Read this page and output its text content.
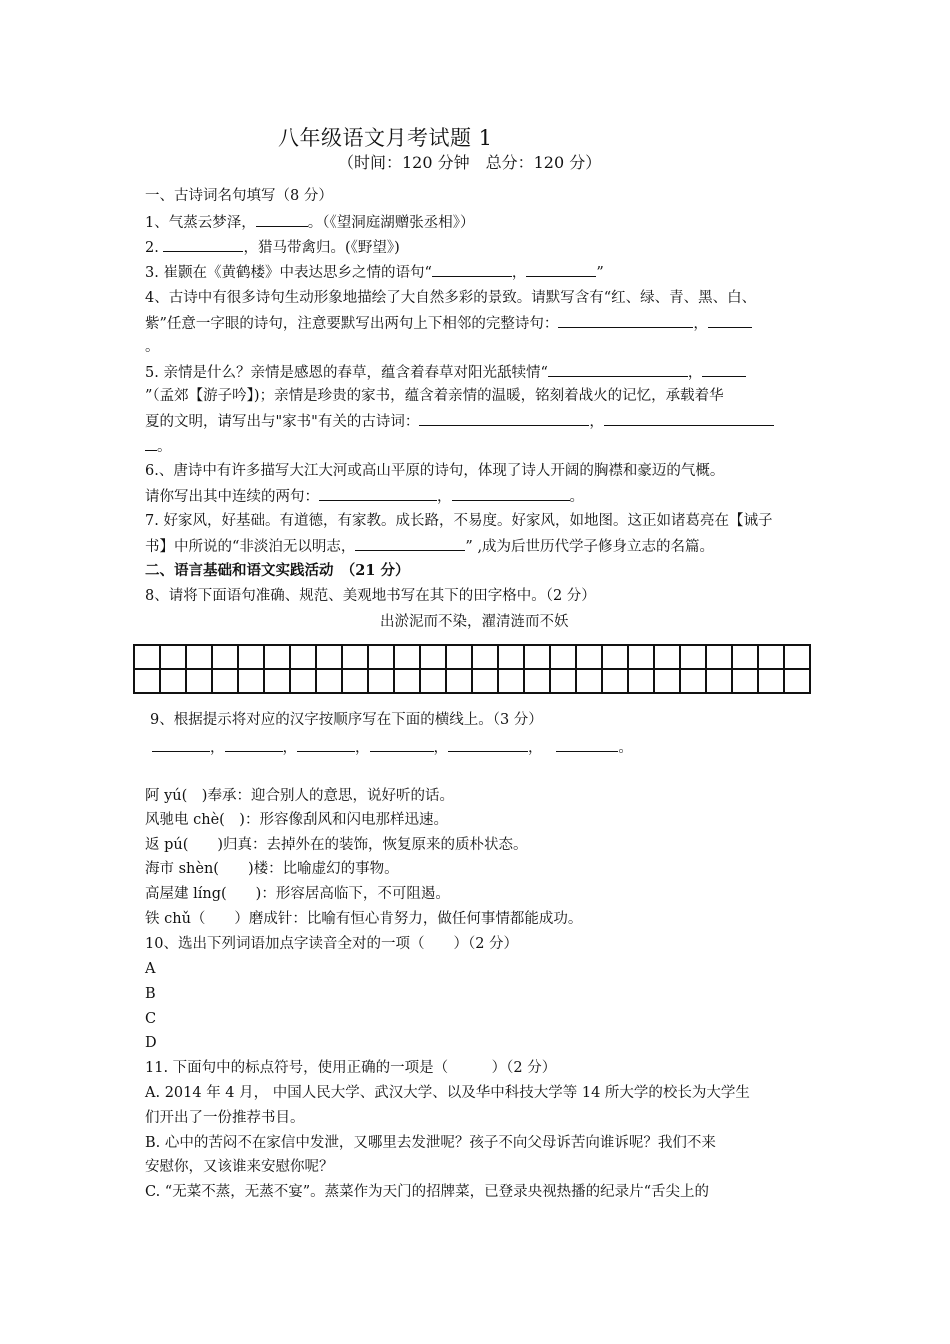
八年级语文月考试题 1
（时间：120 分钟　总分：120 分）
一、古诗词名句填写（8 分）
1、气蒸云梦泽，	。（《望洞庭湖赠张丞相》）
2.	，猎马带禽归。(《野望》)
3. 崔颢在《黄鹤楼》中表达思乡之情的语句“	，	”
4、古诗中有很多诗句生动形象地描绘了大自然多彩的景致。请默写含有“红、绿、青、黑、白、
紫”任意一字眼的诗句，注意要默写出两句上下相邻的完整诗句：	，
。
5. 亲情是什么？亲情是感恩的春草，蕴含着春草对阳光舐犊情“	，
”（孟郊【游子吟】)；亲情是珍贵的家书，蕴含着亲情的温暖，铭刻着战火的记忆，承载着华
夏的文明，请写出与"家书"有关的古诗词：	，
。
6.、唐诗中有许多描写大江大河或高山平原的诗句，体现了诗人开阔的胸襟和豪迈的气概。
请你写出其中连续的两句：	，	。
7. 好家风，好基础。有道德，有家教。成长路，不易度。好家风，如地图。这正如诸葛亮在【诫子
书】中所说的“非淡泊无以明志，	” ,成为后世历代学子修身立志的名篇。
二、语言基础和语文实践活动　（21 分）
8、请将下面语句准确、规范、美观地书写在其下的田字格中。（2 分）
出淤泥而不染，濯清涟而不妖

9、根据提示将对应的汉字按顺序写在下面的横线上。（3 分）
，	，	，	，	，	。
阿 yú(　)奉承：迎合别人的意思，说好听的话。
风驰电 chè(　)：形容像刮风和闪电那样迅速。
返 pú(　　)归真：去掉外在的装饰，恢复原来的质朴状态。
海市 shèn(　　)楼：比喻虚幻的事物。
高屋建 líng(　　)：形容居高临下，不可阻遏。
铁 chǔ（　　）磨成针：比喻有恒心肯努力，做任何事情都能成功。
10、选出下列词语加点字读音全对的一项（　　）（2 分）
A
B
C
D
11. 下面句中的标点符号，使用正确的一项是（　　　）（2 分）
A. 2014 年 4 月， 中国人民大学、武汉大学、以及华中科技大学等 14 所大学的校长为大学生
们开出了一份推荐书目。
B. 心中的苦闷不在家信中发泄，又哪里去发泄呢？孩子不向父母诉苦向谁诉呢？我们不来
安慰你，又该谁来安慰你呢？
C. “无菜不蒸，无蒸不宴”。蒸菜作为天门的招牌菜，已登录央视热播的纪录片“舌尖上的
